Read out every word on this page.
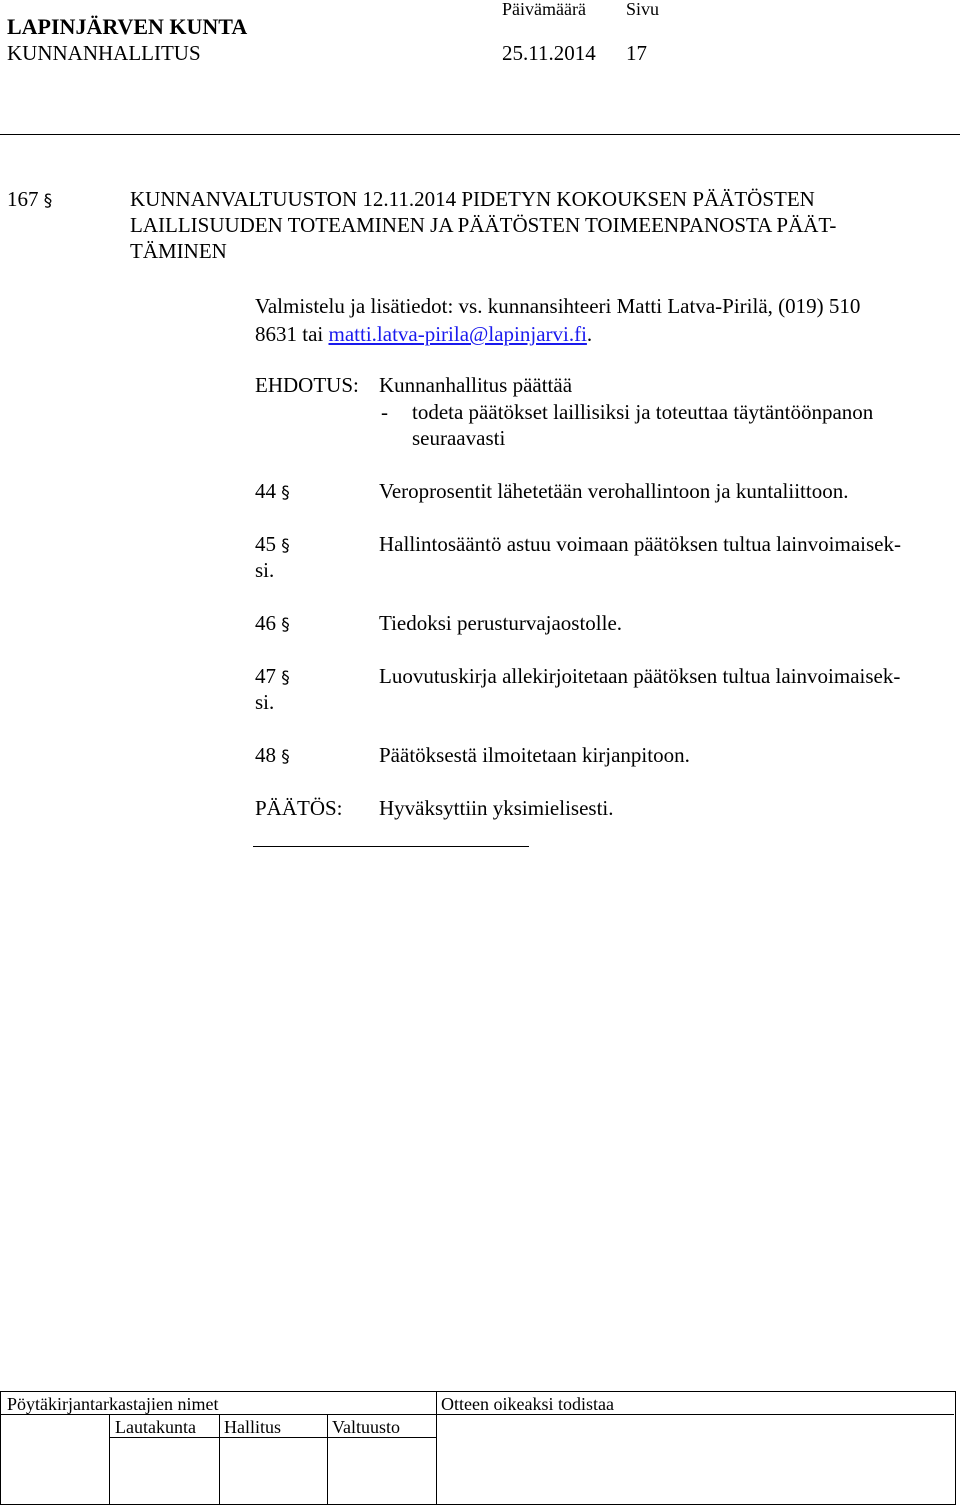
LAPINJÄRVEN KUNTA
Päivämäärä Sivu
KUNNANHALLITUS	25.11.2014 17
167 §	KUNNANVALTUUSTON 12.11.2014 PIDETYN KOKOUKSEN PÄÄTÖSTEN
LAILLISUUDEN TOTEAMINEN JA PÄÄTÖSTEN TOIMEENPANOSTA PÄÄT-
TÄMINEN
Valmistelu ja lisätiedot: vs. kunnansihteeri Matti Latva-Pirilä, (019) 510
8631 tai matti.latva-pirila@lapinjarvi.fi.
EHDOTUS: Kunnanhallitus päättää
- todeta päätökset laillisiksi ja toteuttaa täytäntöönpanon
seuraavasti
44 §	Veroprosentit lähetetään verohallintoon ja kuntaliittoon.
45 §	Hallintosääntö astuu voimaan päätöksen tultua lainvoimaisek-
si.
46 §	Tiedoksi perusturvajaostolle.
47 §	Luovutuskirja allekirjoitetaan päätöksen tultua lainvoimaisek-
si.
48 §	Päätöksestä ilmoitetaan kirjanpitoon.
PÄÄTÖS: Hyväksyttiin yksimielisesti.
Pöytäkirjantarkastajien nimet	Otteen oikeaksi todistaa
Lautakunta Hallitus	Valtuusto
